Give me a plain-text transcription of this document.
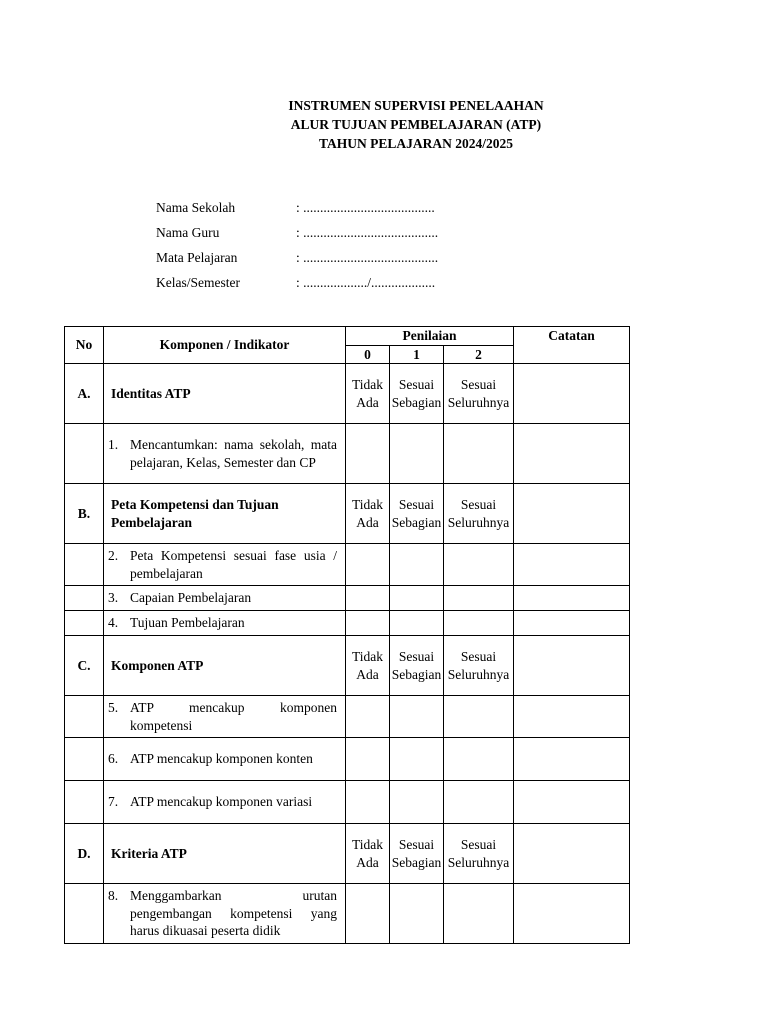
INSTRUMEN SUPERVISI PENELAAHAN
ALUR TUJUAN PEMBELAJARAN (ATP)
TAHUN PELAJARAN 2024/2025
Nama Sekolah	: .......................................
Nama Guru	: ........................................
Mata Pelajaran	: ........................................
Kelas/Semester	: .................../...................
No	Komponen / Indikator	Penilaian			Catatan
		0	1	2	
A.	Identitas ATP	Tidak Ada	Sesuai Sebagian	Sesuai Seluruhnya	

	1. Mencantumkan: nama sekolah, mata pelajaran, Kelas, Semester dan CP				

B.	Peta Kompetensi dan Tujuan Pembelajaran	Tidak Ada	Sesuai Sebagian	Sesuai Seluruhnya	

	2. Peta Kompetensi sesuai fase usia / pembelajaran				

	3. Capaian Pembelajaran				

	4. Tujuan Pembelajaran				

C.	Komponen ATP	Tidak Ada	Sesuai Sebagian	Sesuai Seluruhnya	

	5. ATP mencakup komponen kompetensi				

	6. ATP mencakup komponen konten				

	7. ATP mencakup komponen variasi				

D.	Kriteria ATP	Tidak Ada	Sesuai Sebagian	Sesuai Seluruhnya	

	8. Menggambarkan urutan pengembangan kompetensi yang harus dikuasai peserta didik				
